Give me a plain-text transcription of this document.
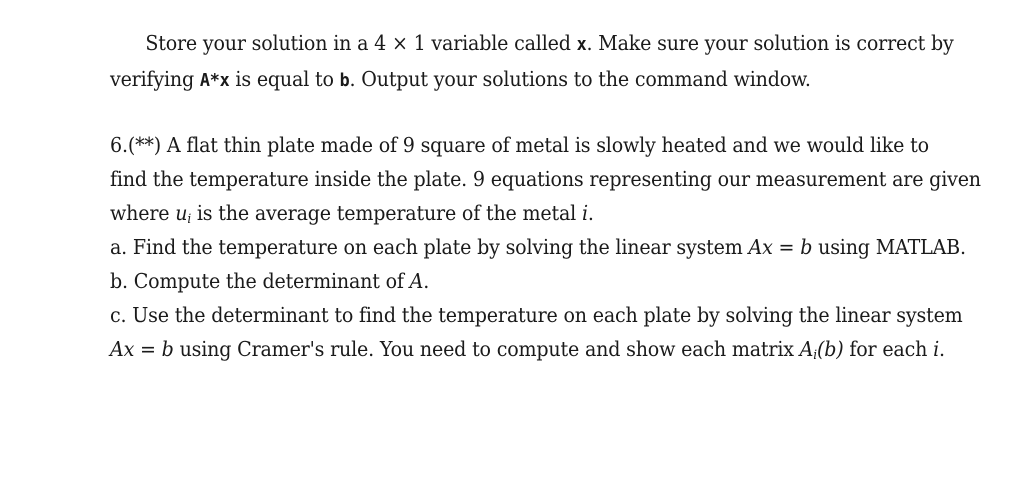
Store your solution in a 4 × 1 variable called x. Make sure your solution is correct by
verifying A*x is equal to b. Output your solutions to the command window.
6.(**) A flat thin plate made of 9 square of metal is slowly heated and we would like to
find the temperature inside the plate. 9 equations representing our measurement are given
where $u_i$ is the average temperature of the metal i.
a. Find the temperature on each plate by solving the linear system Ax = b using MATLAB.
b. Compute the determinant of A.
c. Use the determinant to find the temperature on each plate by solving the linear system
Ax = b using Cramer's rule. You need to compute and show each matrix $A_i(b)$ for each i.
